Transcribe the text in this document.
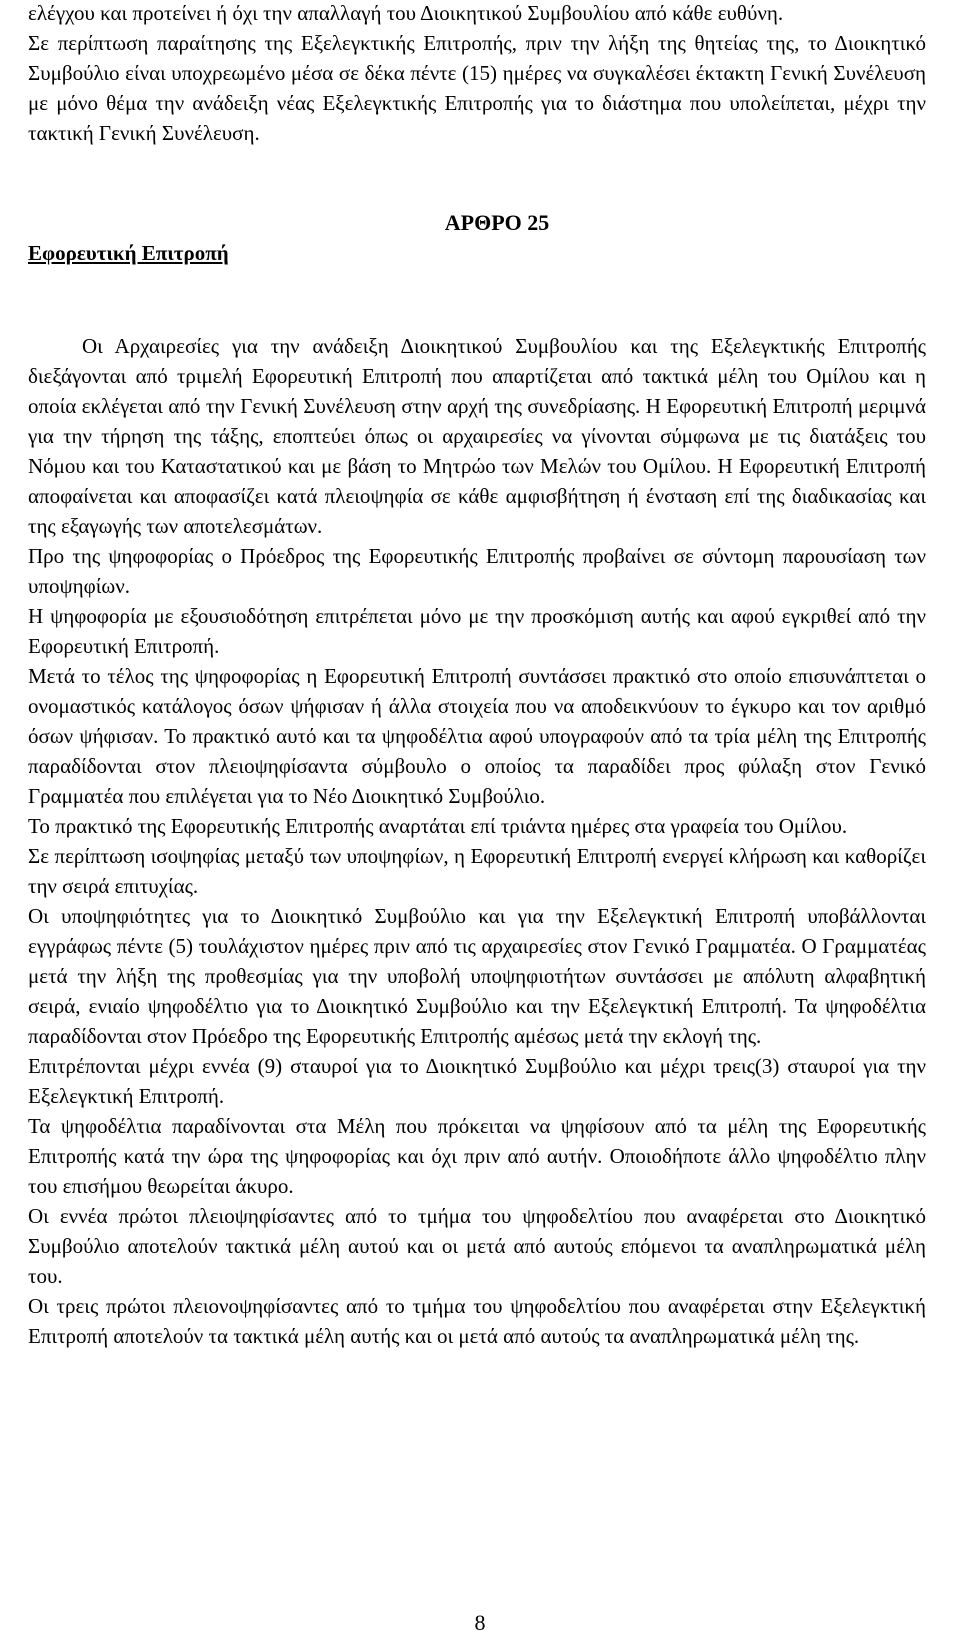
ελέγχου και προτείνει ή όχι την απαλλαγή του Διοικητικού Συμβουλίου από κάθε ευθύνη.

Σε περίπτωση παραίτησης της Εξελεγκτικής Επιτροπής, πριν την λήξη της θητείας της, το Διοικητικό Συμβούλιο είναι υποχρεωμένο μέσα σε δέκα πέντε (15) ημέρες να συγκαλέσει έκτακτη Γενική Συνέλευση με μόνο θέμα την ανάδειξη νέας Εξελεγκτικής Επιτροπής για το διάστημα που υπολείπεται, μέχρι την τακτική Γενική Συνέλευση.

ΑΡΘΡΟ 25
Εφορευτική Επιτροπή

Οι Αρχαιρεσίες για την ανάδειξη Διοικητικού Συμβουλίου και της Εξελεγκτικής Επιτροπής διεξάγονται από τριμελή Εφορευτική Επιτροπή που απαρτίζεται από τακτικά μέλη του Ομίλου και η οποία εκλέγεται από την Γενική Συνέλευση στην αρχή της συνεδρίασης. Η Εφορευτική Επιτροπή μεριμνά για την τήρηση της τάξης, εποπτεύει όπως οι αρχαιρεσίες να γίνονται σύμφωνα με τις διατάξεις του Νόμου και του Καταστατικού και με βάση το Μητρώο των Μελών του Ομίλου. Η Εφορευτική Επιτροπή αποφαίνεται και αποφασίζει κατά πλειοψηφία σε κάθε αμφισβήτηση ή ένσταση επί της διαδικασίας και της εξαγωγής των αποτελεσμάτων.

Προ της ψηφοφορίας ο Πρόεδρος της Εφορευτικής Επιτροπής προβαίνει σε σύντομη παρουσίαση των υποψηφίων.

Η ψηφοφορία με εξουσιοδότηση επιτρέπεται μόνο με την προσκόμιση αυτής και αφού εγκριθεί από την Εφορευτική Επιτροπή.

Μετά το τέλος της ψηφοφορίας η Εφορευτική Επιτροπή συντάσσει πρακτικό στο οποίο επισυνάπτεται ο ονομαστικός κατάλογος όσων ψήφισαν ή άλλα στοιχεία που να αποδεικνύουν το έγκυρο και τον αριθμό όσων ψήφισαν. Το πρακτικό αυτό και τα ψηφοδέλτια αφού υπογραφούν από τα τρία μέλη της Επιτροπής παραδίδονται στον πλειοψηφίσαντα σύμβουλο ο οποίος τα παραδίδει προς φύλαξη στον Γενικό Γραμματέα που επιλέγεται για το Νέο Διοικητικό Συμβούλιο.

Το πρακτικό της Εφορευτικής Επιτροπής αναρτάται επί τριάντα ημέρες στα γραφεία του Ομίλου.

Σε περίπτωση ισοψηφίας μεταξύ των υποψηφίων, η Εφορευτική Επιτροπή ενεργεί κλήρωση και καθορίζει την σειρά επιτυχίας.

Οι υποψηφιότητες για το Διοικητικό Συμβούλιο και για την Εξελεγκτική Επιτροπή υποβάλλονται εγγράφως πέντε (5) τουλάχιστον ημέρες πριν από τις αρχαιρεσίες στον Γενικό Γραμματέα. Ο Γραμματέας μετά την λήξη της προθεσμίας για την υποβολή υποψηφιοτήτων συντάσσει με απόλυτη αλφαβητική σειρά, ενιαίο ψηφοδέλτιο για το Διοικητικό Συμβούλιο και την Εξελεγκτική Επιτροπή. Τα ψηφοδέλτια παραδίδονται στον Πρόεδρο της Εφορευτικής Επιτροπής αμέσως μετά την εκλογή της.

Επιτρέπονται μέχρι εννέα (9) σταυροί για το Διοικητικό Συμβούλιο και μέχρι τρεις(3) σταυροί για την Εξελεγκτική Επιτροπή.

Τα ψηφοδέλτια παραδίνονται στα Μέλη που πρόκειται να ψηφίσουν από τα μέλη της Εφορευτικής Επιτροπής κατά την ώρα της ψηφοφορίας και όχι πριν από αυτήν. Οποιοδήποτε άλλο ψηφοδέλτιο πλην του επισήμου θεωρείται άκυρο.

Οι εννέα πρώτοι πλειοψηφίσαντες από το τμήμα του ψηφοδελτίου που αναφέρεται στο Διοικητικό Συμβούλιο αποτελούν τακτικά μέλη αυτού και οι μετά από αυτούς επόμενοι τα αναπληρωματικά μέλη του.

Οι τρεις πρώτοι πλειονοψηφίσαντες από το τμήμα του ψηφοδελτίου που αναφέρεται στην Εξελεγκτική Επιτροπή αποτελούν τα τακτικά μέλη αυτής και οι μετά από αυτούς τα αναπληρωματικά μέλη της.

8
